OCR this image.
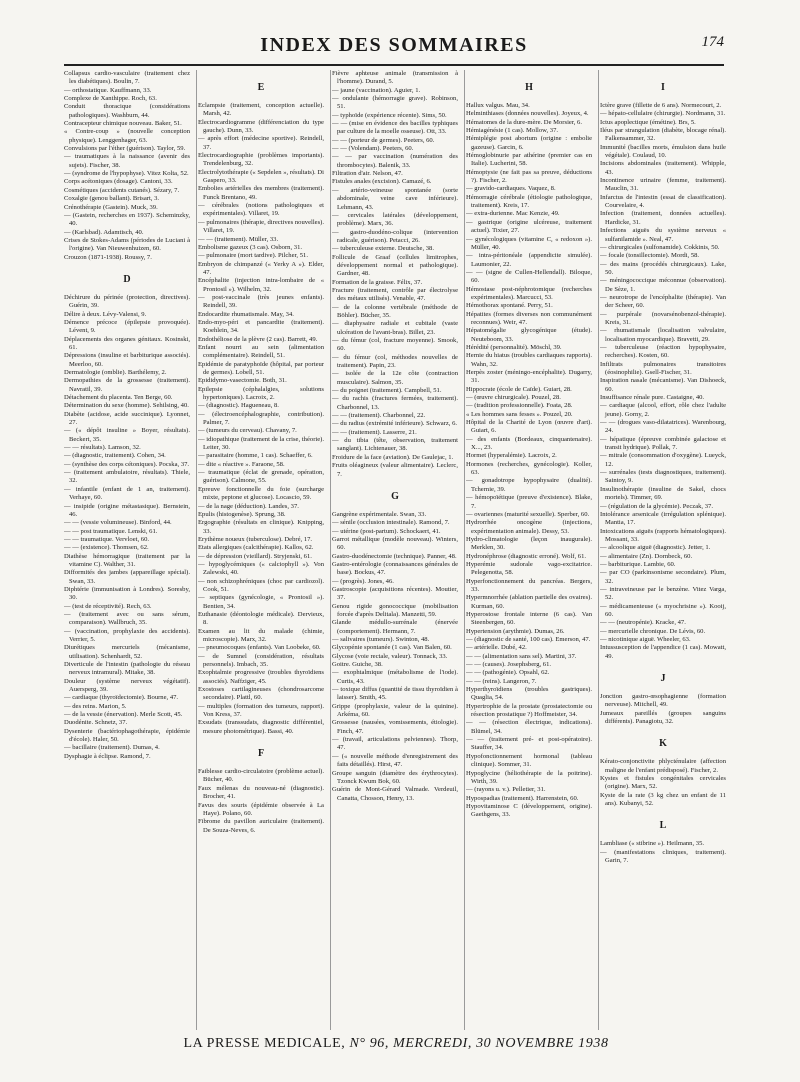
INDEX DES SOMMAIRES	174

Collapsus cardio-vasculaire (traitement chez les diabétiques). Boulin, 7.

— orthostatique. Kauffmann, 33.

Complexe de Xanthippe. Roch, 63.

Conduit thoracique (considérations pathologiques). Washburn, 44.

Contracepteur chimique nouveau. Baker, 51.

« Contre-coup » (nouvelle conception physique). Lenggenhager, 63.

Convulsions par l'éther (guérison). Taylor, 59.

— traumatiques à la naissance (avenir des sujets). Fischer, 38.

— (syndrome de l'hypophyse). Vitez Kolta, 52.

Corps acétoniques (dosage). Cantoni, 33.

Cosmétiques (accidents cutanés). Sézary, 7.

Coxalgie (genou ballant). Brisart, 3.

Crénothérapie (Gastein). Muck, 39.

— (Gastein, recherches en 1937). Scheminzky, 40.

— (Karlsbad). Adamtisch, 40.

Crises de Stokes-Adams (périodes de Luciani à l'origine). Van Nieuwenhuizen, 60.

Crouzon (1871-1938). Roussy, 7.

D

Déchirure du périnée (protection, directives). Guérin, 39.

Délire à deux. Lévy-Valensi, 9.

Démence précoce (épilepsie provoquée). Lévent, 9.

Déplacements des organes génitaux. Kosinski, 61.

Dépressions (insuline et barbiturique associés). Meerloo, 60.

Dermatologie (omblie). Barthélemy, 2.

Dermopathies de la grossesse (traitement). Navratil, 39.

Détachement du placenta. Ten Berge, 60.

Détermination du sexe (homme). Sehilsing, 40.

Diabète (acidose, acide succinique). Lyonnet, 27.

— (« dépôt insuline » Boyer, résultats). Beckert, 35.

— — résultats). Lamson, 32.

— (diagnostic, traitement). Cohen, 34.

— (synthèse des corps cétoniques). Pocska, 37.

— (traitement ambulatoire, résultats). Thiele, 32.

— infantile (enfant de 1 an, traitement). Verhaye, 60.

— insipide (origine métastasique). Bernstein, 46.

— — (vessie volumineuse). Binford, 44.

— — post traumatique. Lenski, 61.

— — traumatique. Vervloet, 60.

— — (existence). Thomsen, 62.

Diathèse hémorragique (traitement par la vitamine C). Walther, 31.

Difformités des jambes (appareillage spécial). Swan, 33.

Diphtérie (immunisation à Londres). Soresby, 30.

— (test de réceptivité). Rech, 63.

— (traitement avec ou sans sérum, comparaison). Wallbruch, 35.

— (vaccination, prophylaxie des accidents). Verrier, 5.

Diurétiques mercuriels (mécanisme, utilisation). Schenhardt, 52.

Diverticule de l'intestin (pathologie du réseau nerveux intramural). Mitake, 38.

Douleur (système nerveux végétatif). Auersperg, 39.

— cardiaque (thyroïdectomie). Bourne, 47.

— des reins. Marion, 5.

— de la vessie (énervation). Merle Scott, 45.

Duodénite. Schnetz, 37.

Dysenterie (bactériophagothérapie, épidémie d'école). Haler, 50.

— bacillaire (traitement). Dumas, 4.

Dysphagie à éclipse. Ramond, 7.

E

Eclampsie (traitement, conception actuelle). Marsh, 42.

Electrocardiogramme (différenciation du type gauche). Dunn, 33.

— après effort (médecine sportive). Reindell, 37.

Electrocardiographie (problèmes importants). Trendelenburg, 32.

Electrolytothérapie (« Sepdelen », résultats). Di Gaspero, 33.

Embolies artérielles des membres (traitement). Funck Brentano, 49.

— cérébrales (notions pathologiques et expérimentales). Villaret, 19.

— pulmonaires (thérapie, directives nouvelles). Villaret, 19.

— — (traitement). Müller, 33.

Embolisme gazeux (3 cas). Osborn, 31.

— pulmonaire (mort tardive). Pilcher, 51.

Embryon de chimpanzé (« Yerky A »). Elder, 47.

Encéphalite (injection intra-lombaire de « Prontosil »). Wilhelm, 32.

— post-vaccinale (très jeunes enfants). Reindell, 39.

Endocardite rhumatismale. May, 34.

Endo-myo-péri et pancardite (traitement). Koehlein, 34.

Endothéliose de la plèvre (2 cas). Barrett, 49.

Enfant nourri au sein (alimentation complémentaire). Reindell, 51.

Epidémie de paratyphoïde (hôpital, par porteur de germes). Lobell, 51.

Epididymo-vasectomie. Both, 31.

Epilepsie (céphalalgies, solutions hypertoniques). Lacroix, 2.

— (diagnostic). Hagueneau, 8.

— (électroencéphalographie, contribution). Palmer, 7.

— (tumeurs du cerveau). Chavany, 7.

— idiopathique (traitement de la crise, théorie). Leiter, 30.

— parasitaire (homme, 1 cas). Schaeffer, 6.

— dite « réactive ». Faraone, 58.

— traumatique (éclat de grenade, opération, guérison). Calmone, 55.

Epreuve fonctionnelle du foie (surcharge mixte, peptone et glucose). Locascio, 59.

— de la nage (déduction). Landes, 37.

Epulis (histogenèse). Sprung, 38.

Ergographie (résultats en clinique). Knipping, 33.

Erythème noueux (tuberculose). Debré, 17.

Etats allergiques (calcithérapie). Kallos, 62.

— de dépression (vieillard). Stryjenski, 61.

— hypoglycémiques (« calciophyll »). Von Zalewski, 40.

— non schizophréniques (choc par cardiozol). Cook, 51.

— septiques (gynécologie, « Prontosil »). Bentien, 34.

Euthanasie (déontologie médicale). Dervieux, 8.

Examen au lit du malade (chimie, microscopie). Marx, 32.

— pneumocoques (enfants). Van Loobeke, 60.

— de Sumnel (considération, résultats personnels). Imbach, 35.

Exophtalmie progressive (troubles thyroïdiens associés). Naffziger, 45.

Exostoses cartilagineuses (chondrosarcome secondaire). Plattl, 60.

— multiples (formation des tumeurs, rapport). Von Kress, 37.

Exsudats (transsudats, diagnostic différentiel, mesure photométrique). Bassi, 40.

F

Faiblesse cardio-circulatoire (problème actuel). Bücher, 40.

Faux mélenas du nouveau-né (diagnostic). Brocher, 41.

Favus des souris (épidémie observée à La Haye). Polano, 60.

Fibrome du pavillon auriculaire (traitement). De Souza-Neves, 6.

Fièvre aphteuse animale (transmission à l'homme). Durand, 5.

— jaune (vaccination). Aguier, 1.

— ondulante (hémorragie grave). Robinson, 51.

— typhoïde (expérience récente). Sims, 50.

— — (mise en évidence des bacilles typhiques par culture de la moelle osseuse). Ott, 33.

— — (porteur de germes). Peeters, 60.

— — (Volendam). Peeters, 60.

— — par vaccination (numération des thrombocytes). Balenik, 33.

Filtration d'air. Nelson, 47.

Fistules anales (excision). Camazé, 6.

— artério-veineuse spontanée (sorte abdominale, veine cave inférieure). Lehmann, 43.

— cervicales latérales (développement, problème). Marx, 36.

— gastro-duodéno-colique (intervention radicale, guérison). Petacci, 26.

— tuberculeuse externe. Deutsche, 38.

Follicule de Graaf (cellules limitrophes, développement normal et pathologique). Gardner, 48.

Formation de la graisse. Félix, 37.

Fracture (traitement, contrôle par électrolyse des métaux utilisés). Venable, 47.

— de la colonne vertébrale (méthode de Böhler). Bücher, 35.

— diaphysaire radiale et cubitale (vaste ulcération de l'avant-bras). Billet, 23.

— du fémur (col, fracture moyenne). Smook, 60.

— du fémur (col, méthodes nouvelles de traitement). Papin, 23.

— isolée de la 12e côte (contraction musculaire). Salmon, 35.

— du poignet (traitement). Campbell, 51.

— du rachis (fractures fermées, traitement). Charbonnel, 13.

— — (traitement). Charbonnel, 22.

— du radius (extrémité inférieure). Schwarz, 6.

— — (traitement). Lasserre, 21.

— du tibia (tête, observation, traitement sanglant). Lichtenauer, 38.

Froidure de la face (aviation). De Gaulejac, 1.

Fruits oléagineux (valeur alimentaire). Leclerc, 7.

G

Gangrène expérimentale. Swan, 33.

— sénile (occlusion intestinale). Ramond, 7.

— utérine (post-partum). Schockaert, 41.

Garrot métallique (modèle nouveau). Winters, 60.

Gastro-duodénectomie (technique). Panner, 48.

Gastro-entérologie (connaissances générales de base). Bockus, 47.

— (progrès). Jones, 46.

Gastroscopie (acquisitions récentes). Moutier, 37.

Genou rigide gonococcique (mobilisation forcée d'après Delitala). Manzetti, 59.

Glande médullo-surrénale (énervée (comportement). Hermann, 7.

— salivaires (tumeurs). Swinton, 48.

Glycopénie spontanée (1 cas). Van Balen, 60.

Glycose (voie rectale, valeur). Tonnack, 33.

Goitre. Guiche, 38.

— exophtalmique (métabolisme de l'iode). Curtis, 43.

— toxique diffus (quantité de tissu thyroïdien à laisser). Smith, 45.

Grippe (prophylaxie, valeur de la quinine). Arkéma, 60.

Grossesse (nausées, vomissements, étiologie). Finch, 47.

— (travail, articulations pelviennes). Thorp, 47.

— (« nouvelle méthode d'enregistrement des faits détaillés). Hirst, 47.

Groupe sanguin (diamètre des érythrocytes). Tzonck Kwum Bok, 60.

Guérin de Mont-Gérard Valmade. Verdeuil, Canatta, Chosson, Henry, 13.

H

Hallux valgus. Mau, 34.

Helminthiases (données nouvelles). Joyeux, 4.

Hématomes de la dure-mère. De Morsier, 6.

Hémiagénésie (1 cas). Mollow, 37.

Hémiplégie post abortum (origine : embolie gazeuse). Garcin, 6.

Hémoglobinurie par athérine (premier cas en Italie). Lucherini, 58.

Hémoptysie (ne fait pas sa preuve, déductions ?). Fischer, 2.

— gravido-cardiaques. Vaquez, 8.

Hémorragie cérébrale (étiologie pathologique, traitement). Kreis, 17.

— extra-durienne. Mac Kenzie, 49.

— gastrique (origine ulcéreuse, traitement actuel). Tixier, 27.

— gynécologiques (vitamine C, « redoxon »). Müller, 40.

— intra-péritonéale (appendicite simulée). Laumonier, 22.

— — (signe de Cullen-Hellendall). Biloque, 60.

Hémostase post-néphrotomique (recherches expérimentales). Marcucci, 53.

Hémothorax spontané. Perry, 51.

Hépatites (formes diverses non communément reconnues). Weir, 47.

Hépatomégalie glycogénique (étude). Neuteboom, 33.

Hérédité (personnalité). Möschl, 39.

Hernie du hiatus (troubles cardiaques rapports). Wahn, 32.

Herpès zoster (méningo-encéphalite). Dugarry, 31.

Hippocrate (école de Caïde). Guiart, 28.

— (œuvre chirurgicale). Pouzel, 28.

— (tradition professionnelle). Foata, 28.

« Les hommes sans fesses ». Pouzel, 20.

Hôpital de la Charité de Lyon (œuvre d'art). Guiart, 6.

— des enfants (Bordeaux, cinquantenaire). X..., 23.

Hormet (hyperalémie). Lacroix, 2.

Hormones (recherches, gynécologie). Koller, 63.

— gonadotrope hypophysaire (dualité). Tchernie, 39.

— hémopoïétique (preuve d'existence). Blake, 7.

— ovariennes (maturité sexuelle). Sperber, 60.

Hydrorrhée oncogène (injections, expérimentation animale). Dessy, 53.

Hydro-climatologie (leçon inaugurale). Merklen, 30.

Hydronéphrose (diagnostic erroné). Wolf, 61.

Hyperémie sudorale vago-excitatrice. Pelegenotta, 58.

Hyperfonctionnement du pancréas. Bergers, 33.

Hypermnorrhée (ablation partielle des ovaires). Kurman, 60.

Hyperostose frontale interne (6 cas). Van Steenbergen, 60.

Hypertension (arythmie). Dumas, 26.

— (diagnostic de santé, 100 cas). Emerson, 47.

— artérielle. Dubé, 42.

— — (alimentation sans sel). Martini, 37.

— — (causes). Josephsberg, 61.

— — (pathogénie). Opsahl, 62.

— — (reins). Langeron, 7.

Hyperthyroïdiens (troubles gastriques). Quaglia, 54.

Hypertrophie de la prostate (prostatectomie ou résection prostatique ?) Hoffmeister, 34.

— — (résection électrique, indications). Blümel, 34.

— — (traitement pré- et post-opératoire). Stauffer, 34.

Hypofonctionnement hormonal (tableau clinique). Sommer, 31.

Hypoglycine (héliothérapie de la poitrine). Wirth, 39.

— (rayons u. v.). Pelletier, 31.

Hypospadias (traitement). Harrenstein, 60.

Hypovitaminose C (développement, origine). Gaethgens, 33.

I

Ictère grave (fillette de 6 ans). Normecourt, 2.

— hépato-cellulaire (chirurgie). Nordmann, 31.

Ictus apoplectique (émétine). Brs, 5.

Iléus par strangulation (diabète, blocage rénal). Falkensammer, 32.

Immunité (bacilles morts, émulsion dans huile végétale). Coulaud, 10.

Incisions abdominales (traitement). Whipple, 43.

Incontinence urinaire (femme, traitement). Mauclin, 31.

Infarctus de l'intestin (essai de classification). Courvelaire, 4.

Infection (traitement, données actuelles). Hardicke, 31.

Infections aiguës du système nerveux « sulfanilamide ». Neal, 47.

— chirurgicales (sulfonamide). Cokkinis, 50.

— focale (tonsillectomie). Mordi, 58.

— des mains (procédés chirurgicaux). Lake, 50.

— méningococcique méconnue (observation). De Sèze, 1.

— neurotrope de l'encéphalite (thérapie). Van der Scheer, 60.

— purpérale (novarsénobenzol-thérapie). Kreis, 31.

— rhumatismale (localisation valvulaire, localisation myocardique). Bravetti, 29.

— tuberculeuse (réaction hypophysaire, recherches). Kosten, 60.

Infiltrats pulmonaires transitoires (éosinophilie). Gsell-Fischer, 31.

Inspiration nasale (mécanisme). Van Dishoeck, 60.

Insuffisance rénale pure. Castaigne, 40.

— cardiaque (alcool, effort, rôle chez l'adulte jeune). Gorny, 2.

— — (drogues vaso-dilatatrices). Warenbourg, 24.

— hépatique (épreuve combinée galactose et transit hydrique). Pollak, 7.

— mitrale (consommation d'oxygène). Lueyck, 12.

— surrénales (tests diagnostiques, traitement). Saintoy, 9.

Insulinothérapie (insuline de Sakel, chocs mortels). Timmer, 69.

— (régulation de la glycémie). Peczak, 37.

Intolérance arsenicale (irrégulation splénique). Mantia, 17.

Intoxications aiguës (rapports hématologiques). Mossant, 33.

— alcoolique aiguë (diagnostic). Jetter, 1.

— alimentaire (Zn). Dornbeck, 60.

— barbiturique. Lambie, 60.

— par CO (parkinsonisme secondaire). Plum, 32.

— intraveineuse par le benzène. Vitez Varga, 52.

— médicamenteuse (« myochrisine »). Kooij, 60.

— — (neutropénie). Kracke, 47.

— mercurielle chronique. De Lévis, 60.

— nicotinique aiguë. Wheeler, 63.

Intussusception de l'appendice (1 cas). Mowatt, 49.

J

Jonction gastro-œsophagienne (formation nerveuse). Mitchell, 49.

Jumeaux pareillés (groupes sanguins différents). Panagiotu, 32.

K

Kérato-conjonctivite phlycténulaire (affection maligne de l'enfant prédisposé). Fischer, 2.

Kystes et fistules congénitales cervicales (origine). Marx, 52.

Kyste de la rate (3 kg chez un enfant de 11 ans). Kubanyi, 52.

L

Lambliase (« stibrine »). Heilmann, 35.

— (manifestations cliniques, traitement). Garin, 7.

LA PRESSE MEDICALE, N° 96, MERCREDI, 30 NOVEMBRE 1938
